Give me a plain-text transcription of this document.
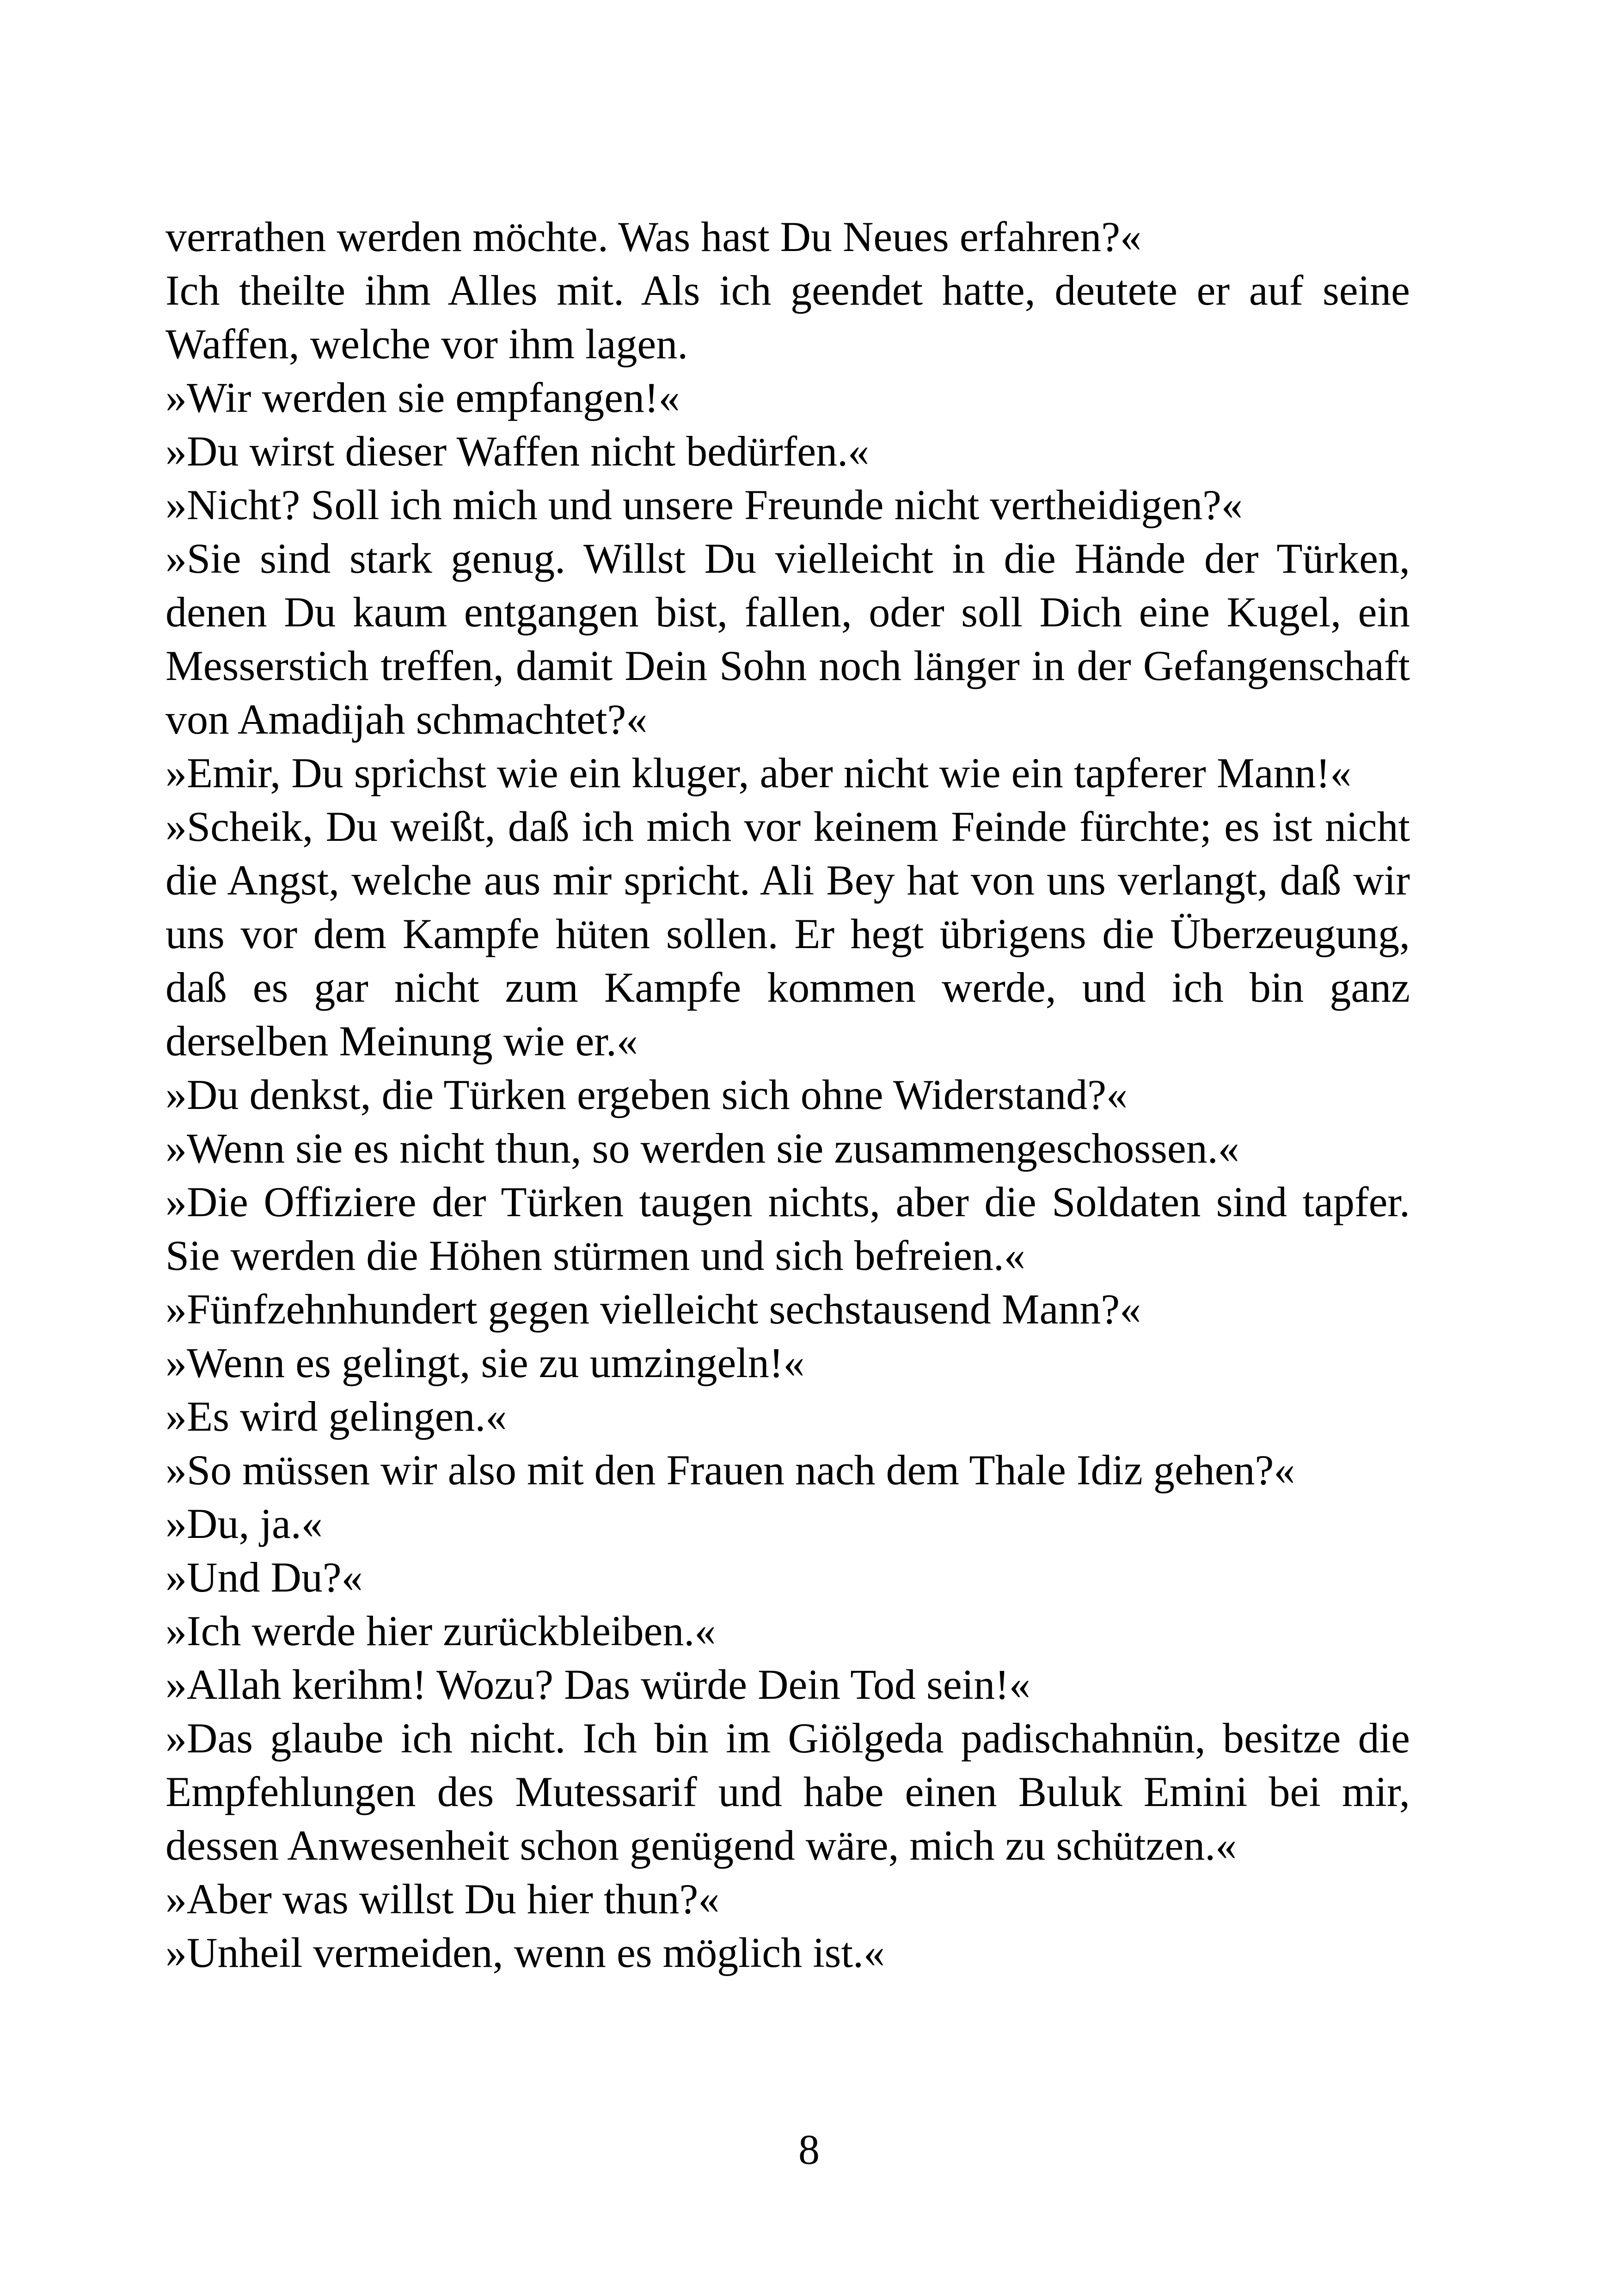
verrathen werden möchte. Was hast Du Neues erfahren?«

Ich theilte ihm Alles mit. Als ich geendet hatte, deutete er auf seine Waffen, welche vor ihm lagen.

»Wir werden sie empfangen!«

»Du wirst dieser Waffen nicht bedürfen.«

»Nicht? Soll ich mich und unsere Freunde nicht vertheidigen?«

»Sie sind stark genug. Willst Du vielleicht in die Hände der Türken, denen Du kaum entgangen bist, fallen, oder soll Dich eine Kugel, ein Messerstich treffen, damit Dein Sohn noch länger in der Gefangenschaft von Amadijah schmachtet?«

»Emir, Du sprichst wie ein kluger, aber nicht wie ein tapferer Mann!«

»Scheik, Du weißt, daß ich mich vor keinem Feinde fürchte; es ist nicht die Angst, welche aus mir spricht. Ali Bey hat von uns verlangt, daß wir uns vor dem Kampfe hüten sollen. Er hegt übrigens die Überzeugung, daß es gar nicht zum Kampfe kommen werde, und ich bin ganz derselben Meinung wie er.«

»Du denkst, die Türken ergeben sich ohne Widerstand?«

»Wenn sie es nicht thun, so werden sie zusammengeschossen.«

»Die Offiziere der Türken taugen nichts, aber die Soldaten sind tapfer. Sie werden die Höhen stürmen und sich befreien.«

»Fünfzehnhundert gegen vielleicht sechstausend Mann?«

»Wenn es gelingt, sie zu umzingeln!«

»Es wird gelingen.«

»So müssen wir also mit den Frauen nach dem Thale Idiz gehen?«

»Du, ja.«

»Und Du?«

»Ich werde hier zurückbleiben.«

»Allah kerihm! Wozu? Das würde Dein Tod sein!«

»Das glaube ich nicht. Ich bin im Giölgeda padischahnün, besitze die Empfehlungen des Mutessarif und habe einen Buluk Emini bei mir, dessen Anwesenheit schon genügend wäre, mich zu schützen.«

»Aber was willst Du hier thun?«

»Unheil vermeiden, wenn es möglich ist.«

8
